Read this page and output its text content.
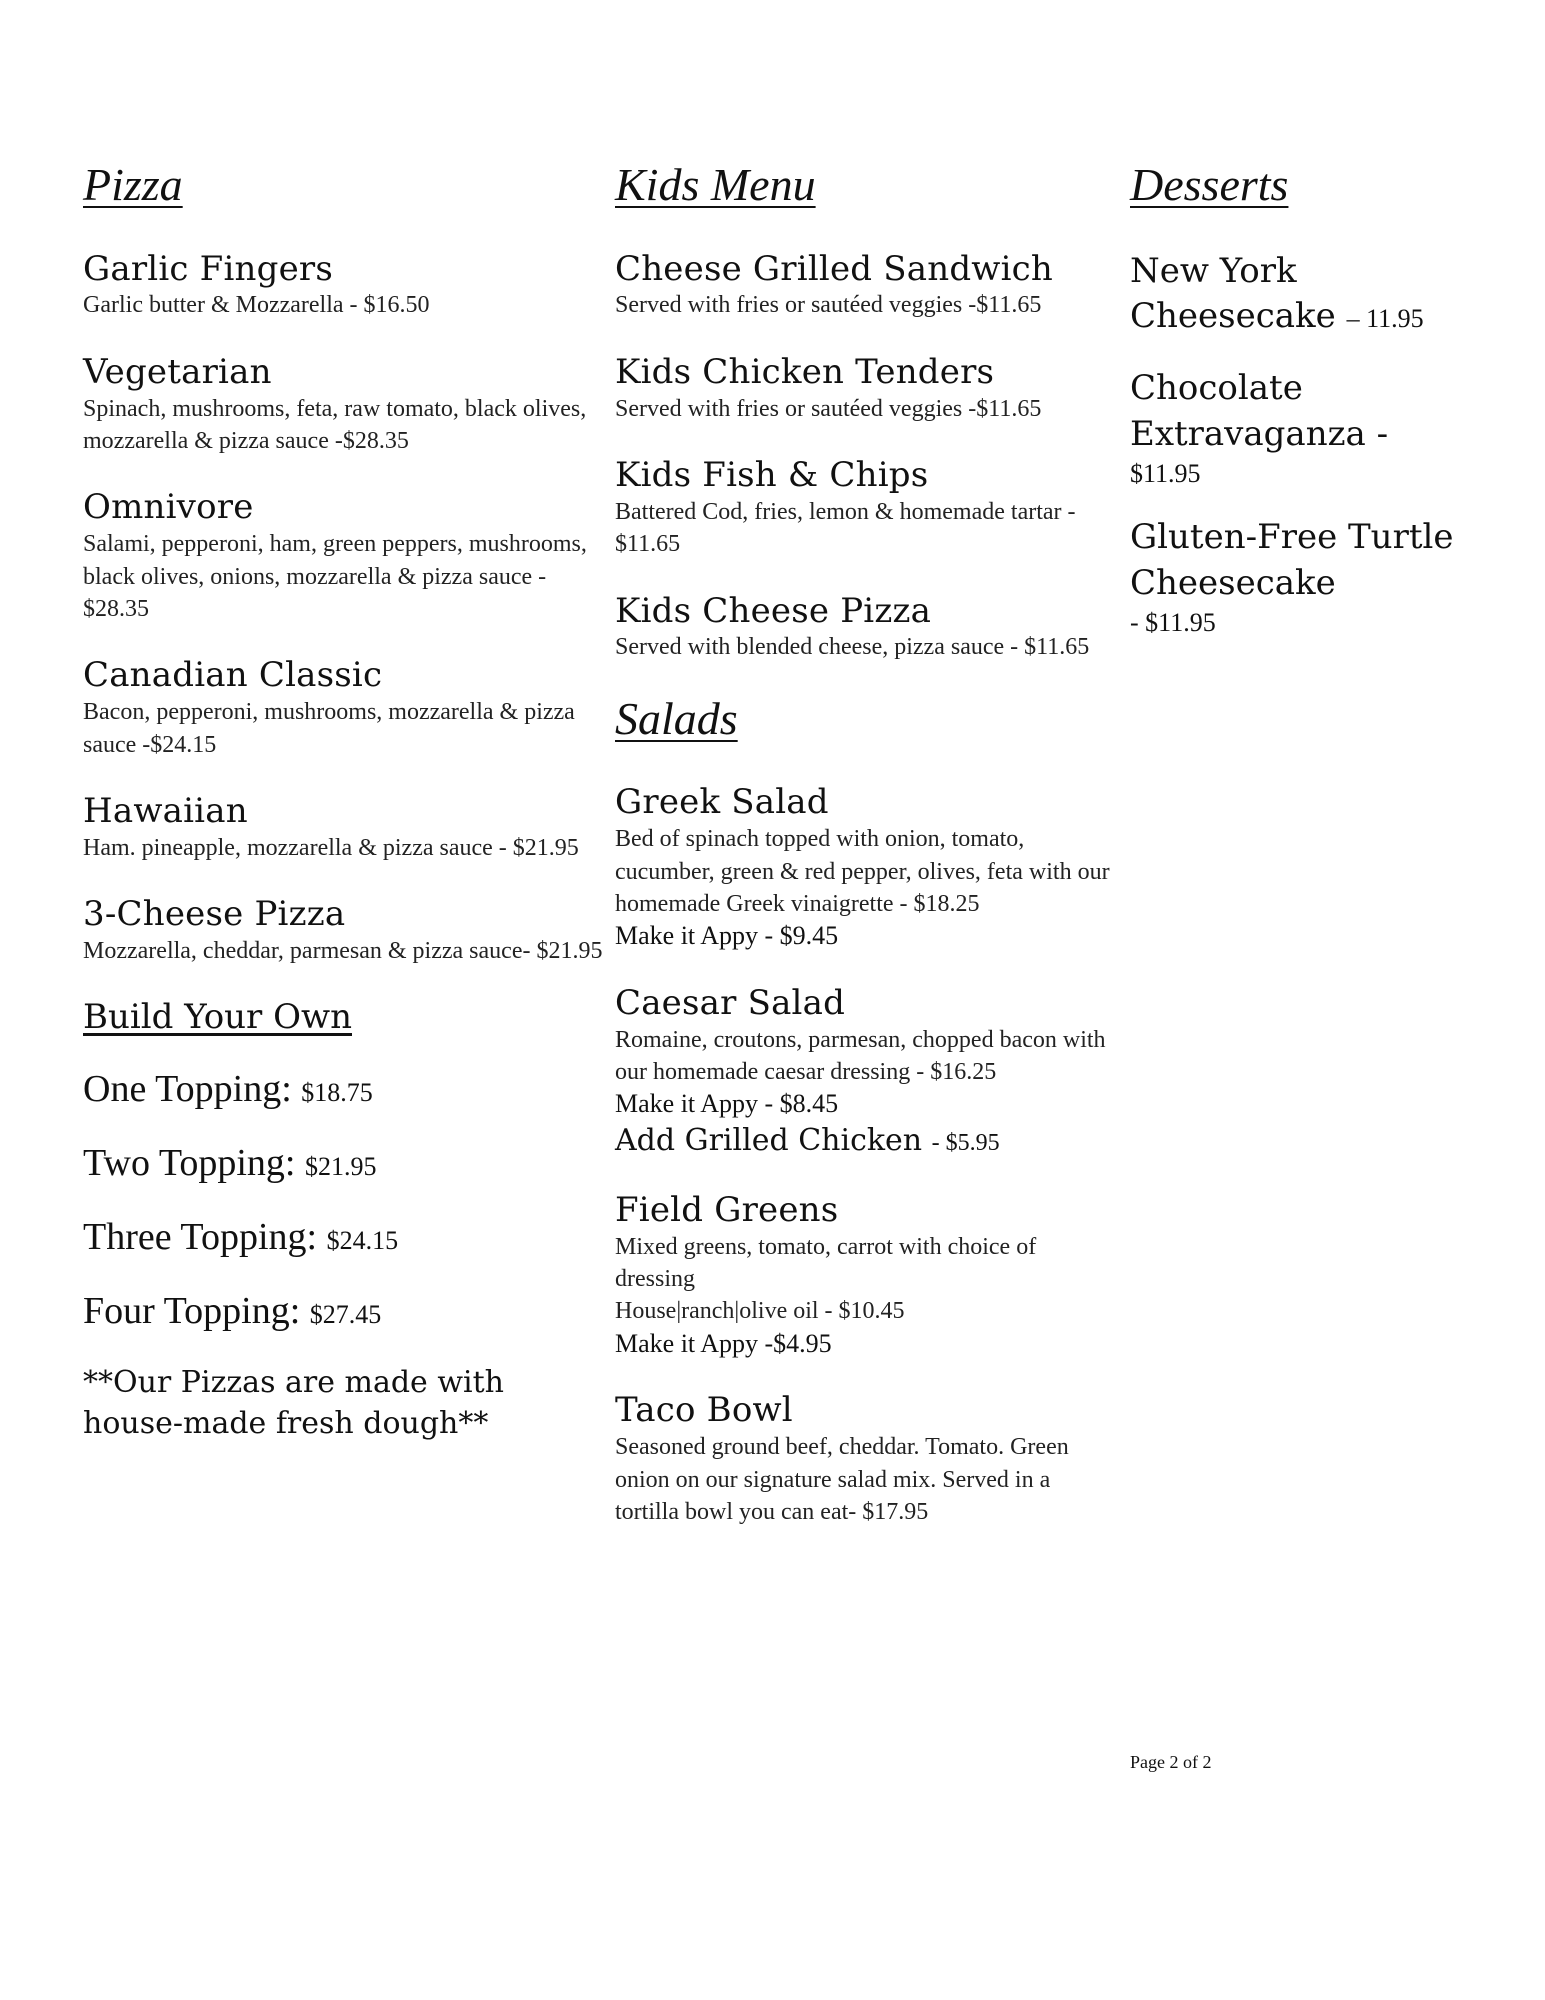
Pizza
Garlic Fingers
Garlic butter & Mozzarella - $16.50
Vegetarian
Spinach, mushrooms, feta, raw tomato, black olives, mozzarella & pizza sauce -$28.35
Omnivore
Salami, pepperoni, ham, green peppers, mushrooms, black olives, onions, mozzarella & pizza sauce - $28.35
Canadian Classic
Bacon, pepperoni, mushrooms, mozzarella & pizza sauce -$24.15
Hawaiian
Ham. pineapple, mozzarella & pizza sauce - $21.95
3-Cheese Pizza
Mozzarella, cheddar, parmesan & pizza sauce- $21.95
Build Your Own
One Topping: $18.75
Two Topping: $21.95
Three Topping: $24.15
Four Topping: $27.45
**Our Pizzas are made with house-made fresh dough**
Kids Menu
Cheese Grilled Sandwich
Served with fries or sautéed veggies -$11.65
Kids Chicken Tenders
Served with fries or sautéed veggies -$11.65
Kids Fish & Chips
Battered Cod, fries, lemon & homemade tartar - $11.65
Kids Cheese Pizza
Served with blended cheese, pizza sauce - $11.65
Salads
Greek Salad
Bed of spinach topped with onion, tomato, cucumber, green & red pepper, olives, feta with our homemade Greek vinaigrette - $18.25
Make it Appy - $9.45
Caesar Salad
Romaine, croutons, parmesan, chopped bacon with our homemade caesar dressing - $16.25
Make it Appy - $8.45
Add Grilled Chicken - $5.95
Field Greens
Mixed greens, tomato, carrot with choice of dressing
House|ranch|olive oil - $10.45
Make it Appy -$4.95
Taco Bowl
Seasoned ground beef, cheddar. Tomato. Green onion on our signature salad mix. Served in a tortilla bowl you can eat- $17.95
Desserts
New York Cheesecake – 11.95
Chocolate Extravaganza -
$11.95
Gluten-Free Turtle Cheesecake
- $11.95
Page 2 of 2
